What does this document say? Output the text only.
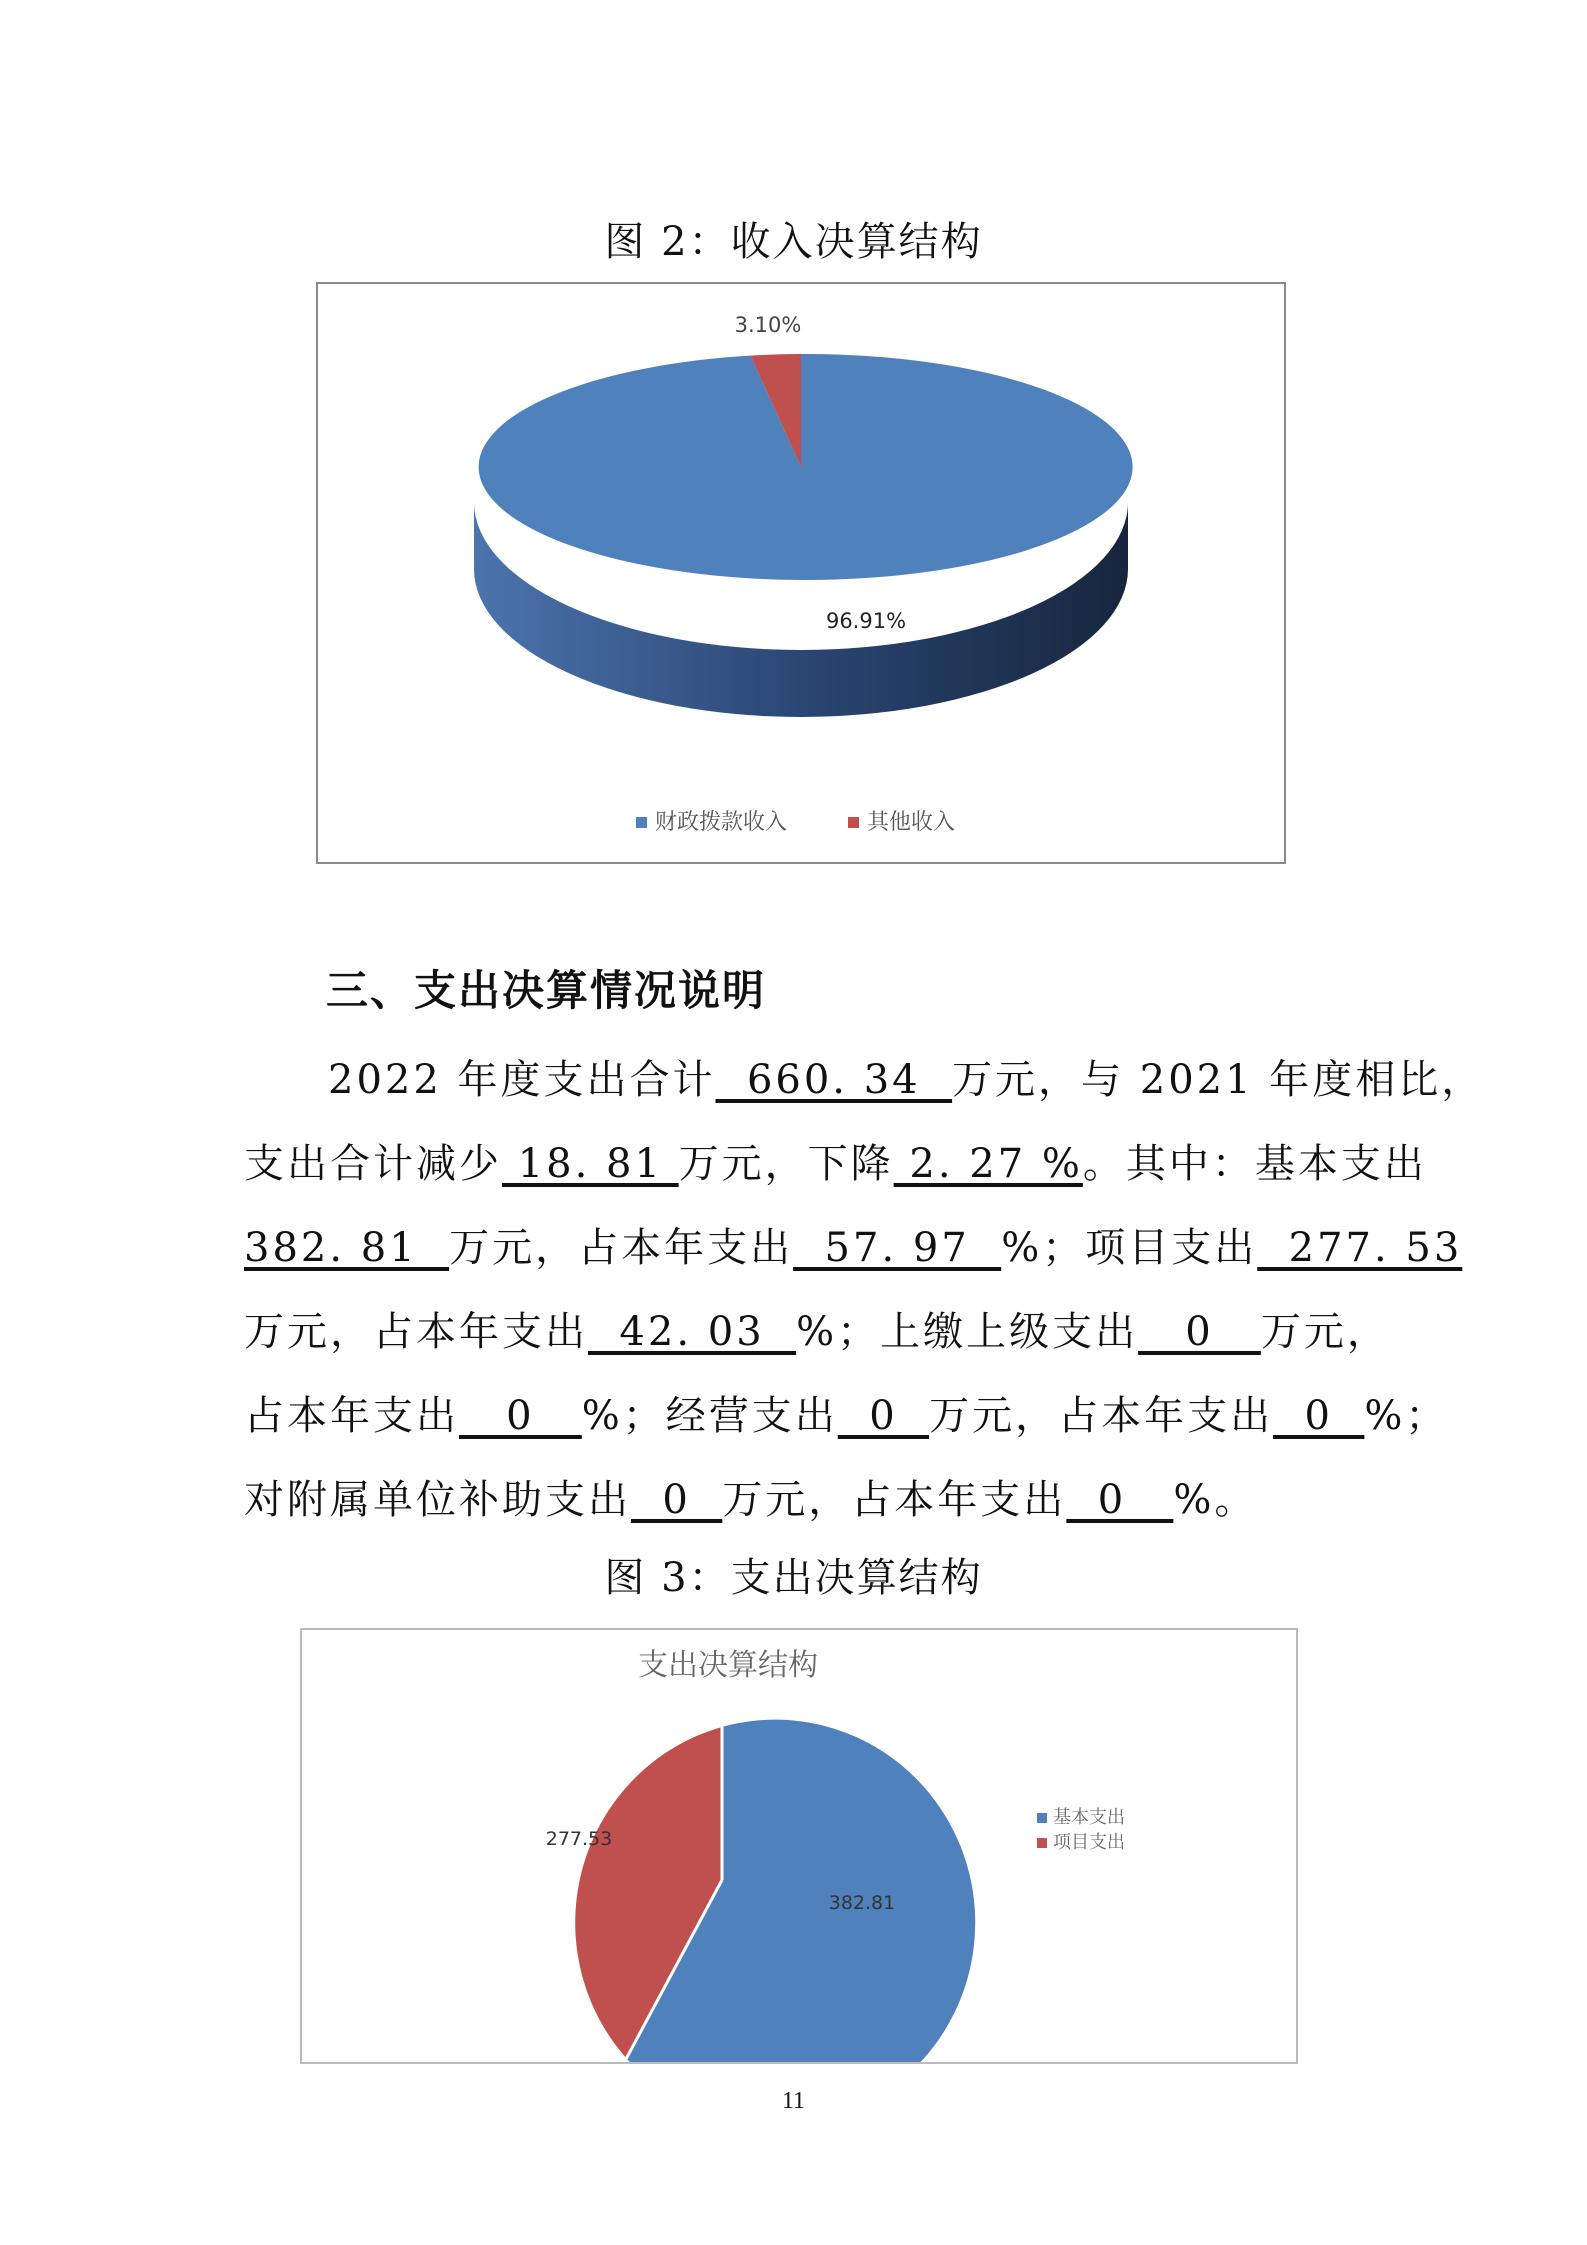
图 2：收入决算结构
3.10%
96.91%
财政拨款收入	其他收入
三、支出决算情况说明
2022 年度支出合计  660. 34  万元，与 2021 年度相比，
支出合计减少 18. 81 万元，下降 2. 27 %。其中：基本支出
382. 81  万元，占本年支出  57. 97  %；项目支出  277. 53
万元，占本年支出  42. 03  %；上缴上级支出   0   万元，
占本年支出   0   %；经营支出  0  万元，占本年支出  0  %；
对附属单位补助支出  0  万元，占本年支出  0   %。
图 3：支出决算结构
支出决算结构
382.81
277.53
基本支出
项目支出
11
